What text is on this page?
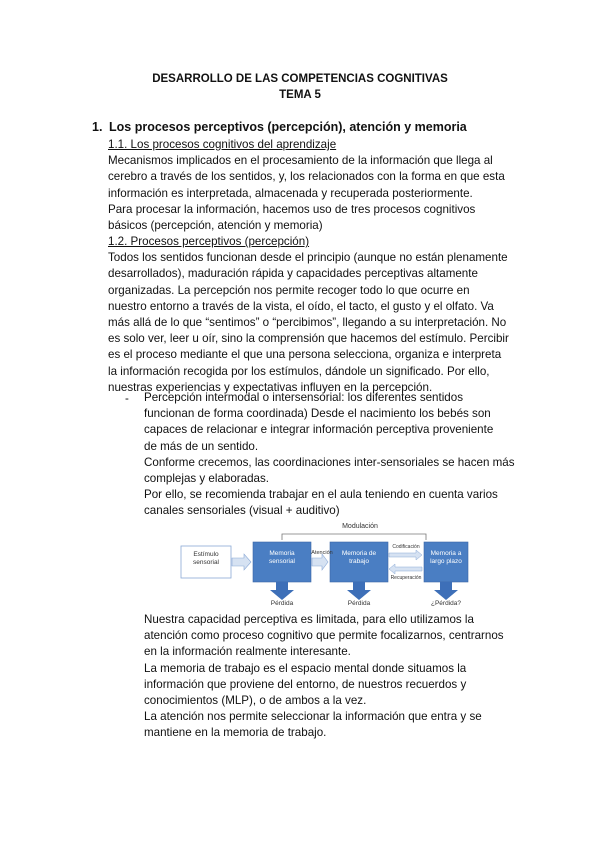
DESARROLLO DE LAS COMPETENCIAS COGNITIVAS
TEMA 5
1. Los procesos perceptivos (percepción), atención y memoria

1.1. Los procesos cognitivos del aprendizaje

Mecanismos implicados en el procesamiento de la información que llega al

cerebro a través de los sentidos, y, los relacionados con la forma en que esta

información es interpretada, almacenada y recuperada posteriormente.

Para procesar la información, hacemos uso de tres procesos cognitivos

básicos (percepción, atención y memoria)

1.2. Procesos perceptivos (percepción)

Todos los sentidos funcionan desde el principio (aunque no están plenamente

desarrollados), maduración rápida y capacidades perceptivas altamente

organizadas. La percepción nos permite recoger todo lo que ocurre en

nuestro entorno a través de la vista, el oído, el tacto, el gusto y el olfato. Va

más allá de lo que “sentimos” o “percibimos”, llegando a su interpretación. No

es solo ver, leer u oír, sino la comprensión que hacemos del estímulo. Percibir

es el proceso mediante el que una persona selecciona, organiza e interpreta

la información recogida por los estímulos, dándole un significado. Por ello,

nuestras experiencias y expectativas influyen en la percepción.

- Percepción intermodal o intersensorial: los diferentes sentidos

funcionan de forma coordinada) Desde el nacimiento los bebés son

capaces de relacionar e integrar información perceptiva proveniente

de más de un sentido.

Conforme crecemos, las coordinaciones inter-sensoriales se hacen más

complejas y elaboradas.

Por ello, se recomienda trabajar en el aula teniendo en cuenta varios

canales sensoriales (visual + auditivo)

Modulación
Estímulo
sensorial
Memoria
sensorial
Atención	Memoria de
trabajo
Codificación
Recuperación
Memoria a
largo plazo
Pérdida	Pérdida	¿Pérdida?

Nuestra capacidad perceptiva es limitada, para ello utilizamos la

atención como proceso cognitivo que permite focalizarnos, centrarnos

en la información realmente interesante.

La memoria de trabajo es el espacio mental donde situamos la

información que proviene del entorno, de nuestros recuerdos y

conocimientos (MLP), o de ambos a la vez.

La atención nos permite seleccionar la información que entra y se

mantiene en la memoria de trabajo.
